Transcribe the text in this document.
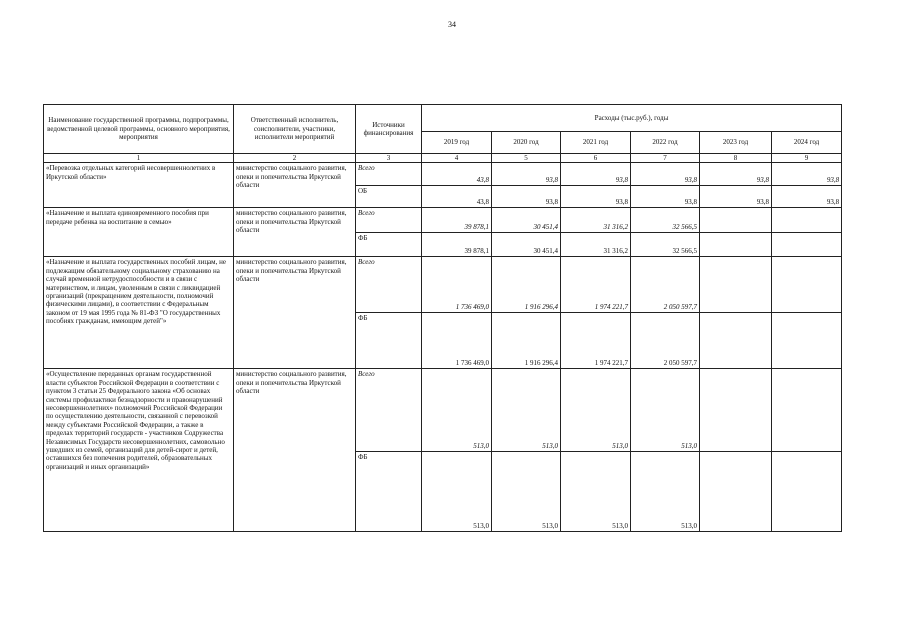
34
Наименование государственной программы, подпрограммы, ведомственной целевой программы, основного мероприятия, мероприятия	Ответственный исполнитель, соисполнители, участники, исполнители мероприятий	Источники финансирования	Расходы (тыс.руб.), годы					
			2019 год	2020 год	2021 год	2022 год	2023 год	2024 год
1	2	3	4	5	6	7	8	9
«Перевозка отдельных категорий несовершеннолетних в Иркутской области»	министерство социального развития, опеки и попечительства Иркутской области	Всего	43,8	93,8	93,8	93,8	93,8	93,8
		ОБ	43,8	93,8	93,8	93,8	93,8	93,8
«Назначение и выплата единовременного пособия при передаче ребенка на воспитание в семью»	министерство социального развития, опеки и попечительства Иркутской области	Всего	39 878,1	30 451,4	31 316,2	32 566,5		
		ФБ	39 878,1	30 451,4	31 316,2	32 566,5		
«Назначение и выплата государственных пособий лицам, не подлежащим обязательному социальному страхованию на случай временной нетрудоспособности и в связи с материнством, и лицам, уволенным в связи с ликвидацией организаций (прекращением деятельности, полномочий физическими лицами), в соответствии с Федеральным законом от 19 мая 1995 года № 81-ФЗ "О государственных пособиях гражданам, имеющим детей"»	министерство социального развития, опеки и попечительства Иркутской области	Всего	1 736 469,0	1 916 296,4	1 974 221,7	2 050 597,7		
		ФБ	1 736 469,0	1 916 296,4	1 974 221,7	2 050 597,7		
«Осуществление переданных органам государственной власти субъектов Российской Федерации в соответствии с пунктом 3 статьи 25 Федерального закона «Об основах системы профилактики безнадзорности и правонарушений несовершеннолетних» полномочий Российской Федерации по осуществлению деятельности, связанной с перевозкой между субъектами Российской Федерации, а также в пределах территорий государств - участников Содружества Независимых Государств несовершеннолетних, самовольно ушедших из семей, организаций для детей-сирот и детей, оставшихся без попечения родителей, образовательных организаций и иных организаций»	министерство социального развития, опеки и попечительства Иркутской области	Всего	513,0	513,0	513,0	513,0		
		ФБ	513,0	513,0	513,0	513,0		
